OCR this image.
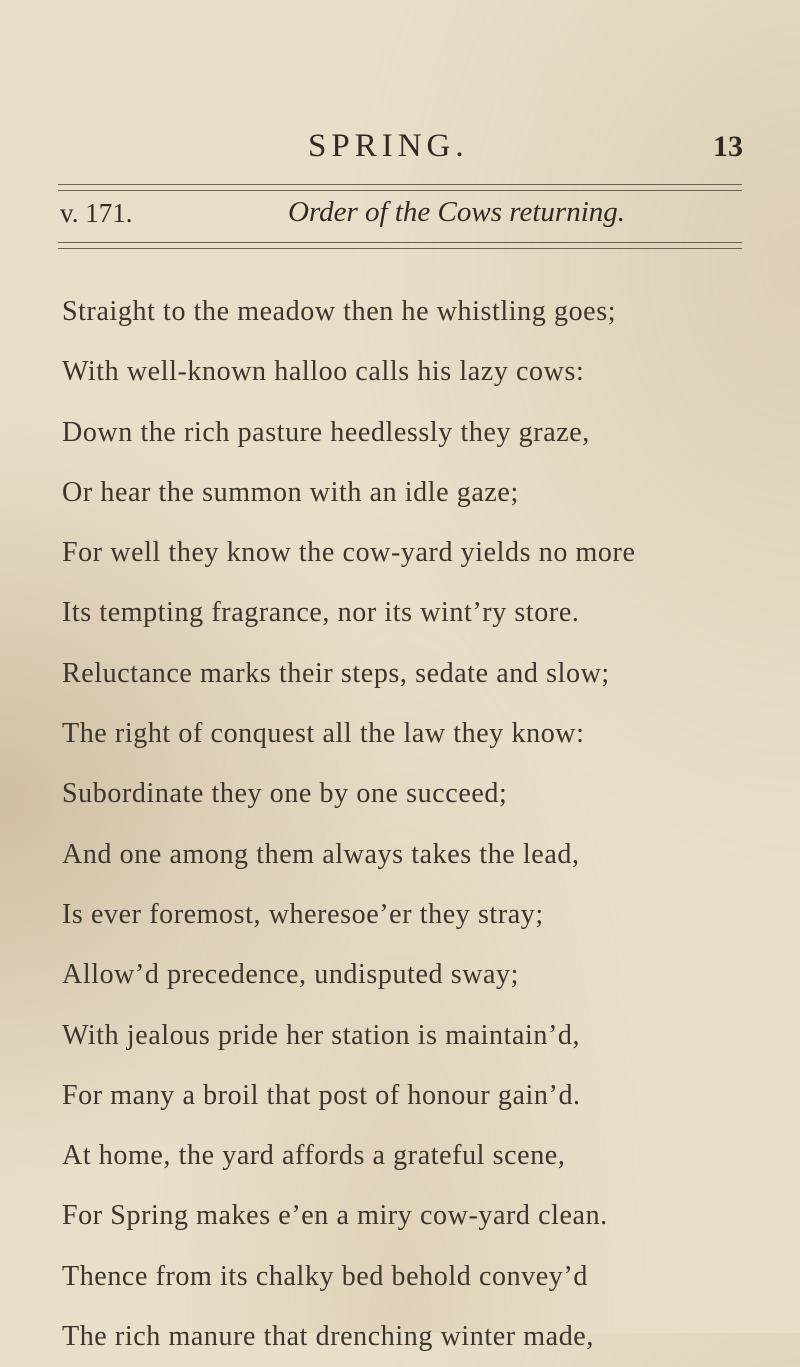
SPRING.	13
v. 171.	Order of the Cows returning.
Straight to the meadow then he whistling goes;
With well-known halloo calls his lazy cows:
Down the rich pasture heedlessly they graze,
Or hear the summon with an idle gaze;
For well they know the cow-yard yields no more
Its tempting fragrance, nor its wint’ry store.
Reluctance marks their steps, sedate and slow;
The right of conquest all the law they know:
Subordinate they one by one succeed;
And one among them always takes the lead,
Is ever foremost, wheresoe’er they stray;
Allow’d precedence, undisputed sway;
With jealous pride her station is maintain’d,
For many a broil that post of honour gain’d.
At home, the yard affords a grateful scene,
For Spring makes e’en a miry cow-yard clean.
Thence from its chalky bed behold convey’d
The rich manure that drenching winter made,
